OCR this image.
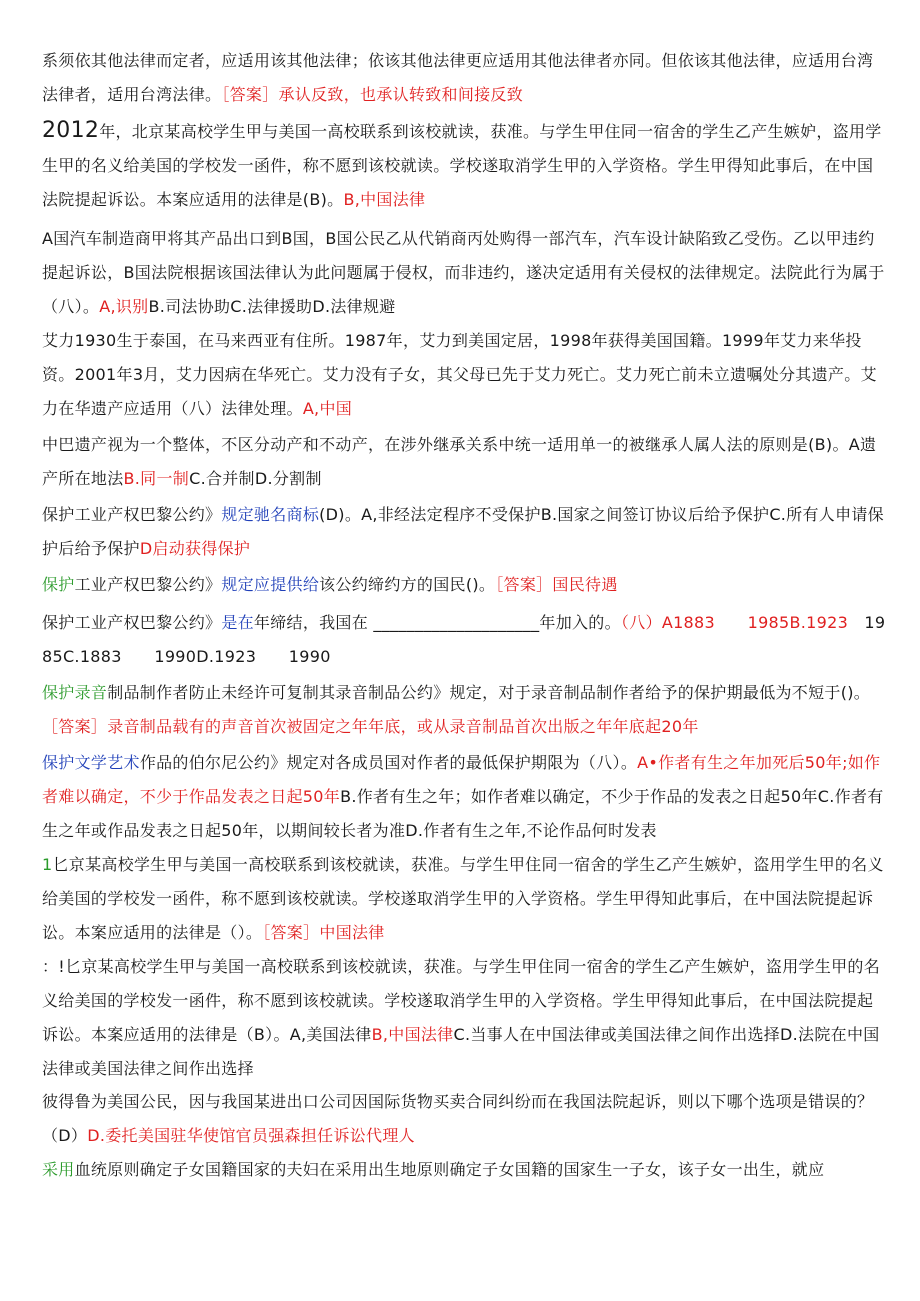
系须依其他法律而定者，应适用该其他法律；依该其他法律更应适用其他法律者亦同。但依该其他法律，应适用台湾法律者，适用台湾法律。［答案］承认反致，也承认转致和间接反致
2012年，北京某高校学生甲与美国一高校联系到该校就读，获准。与学生甲住同一宿舍的学生乙产生嫉妒，盗用学生甲的名义给美国的学校发一函件，称不愿到该校就读。学校遂取消学生甲的入学资格。学生甲得知此事后，在中国法院提起诉讼。本案应适用的法律是(B)。B,中国法律
A国汽车制造商甲将其产品出口到B国，B国公民乙从代销商丙处购得一部汽车，汽车设计缺陷致乙受伤。乙以甲违约提起诉讼，B国法院根据该国法律认为此问题属于侵权，而非违约，遂决定适用有关侵权的法律规定。法院此行为属于（八）。A,识别B.司法协助C.法律援助D.法律规避
艾力1930生于泰国，在马来西亚有住所。1987年，艾力到美国定居，1998年获得美国国籍。1999年艾力来华投资。2001年3月，艾力因病在华死亡。艾力没有子女，其父母已先于艾力死亡。艾力死亡前未立遗嘱处分其遗产。艾力在华遗产应适用（八）法律处理。A,中国
中巴遗产视为一个整体，不区分动产和不动产，在涉外继承关系中统一适用单一的被继承人属人法的原则是(B)。A遗产所在地法B.同一制C.合并制D.分割制
保护工业产权巴黎公约》规定驰名商标(D)。A,非经法定程序不受保护B.国家之间签订协议后给予保护C.所有人申请保护后给予保护D启动获得保护
保护工业产权巴黎公约》规定应提供给该公约缔约方的国民()。［答案］国民待遇
保护工业产权巴黎公约》是在年缔结，我国在 ____________________年加入的。（八）A1883　　1985B.1923　1985C.1883　　1990D.1923　　1990
保护录音制品制作者防止未经许可复制其录音制品公约》规定，对于录音制品制作者给予的保护期最低为不短于()。［答案］录音制品载有的声音首次被固定之年年底，或从录音制品首次出版之年年底起20年
保护文学艺术作品的伯尔尼公约》规定对各成员国对作者的最低保护期限为（八）。A•作者有生之年加死后50年;如作者难以确定，不少于作品发表之日起50年B.作者有生之年；如作者难以确定，不少于作品的发表之日起50年C.作者有生之年或作品发表之日起50年，以期间较长者为准D.作者有生之年,不论作品何时发表
1匕京某高校学生甲与美国一高校联系到该校就读，获准。与学生甲住同一宿舍的学生乙产生嫉妒，盗用学生甲的名义给美国的学校发一函件，称不愿到该校就读。学校遂取消学生甲的入学资格。学生甲得知此事后，在中国法院提起诉讼。本案应适用的法律是（）。［答案］中国法律
：!匕京某高校学生甲与美国一高校联系到该校就读，获准。与学生甲住同一宿舍的学生乙产生嫉妒，盗用学生甲的名义给美国的学校发一函件，称不愿到该校就读。学校遂取消学生甲的入学资格。学生甲得知此事后，在中国法院提起诉讼。本案应适用的法律是（B）。A,美国法律B,中国法律C.当事人在中国法律或美国法律之间作出选择D.法院在中国法律或美国法律之间作出选择
彼得鲁为美国公民，因与我国某进出口公司因国际货物买卖合同纠纷而在我国法院起诉，则以下哪个选项是错误的？（D）D.委托美国驻华使馆官员强森担任诉讼代理人
采用血统原则确定子女国籍国家的夫妇在采用出生地原则确定子女国籍的国家生一子女，该子女一出生，就应
